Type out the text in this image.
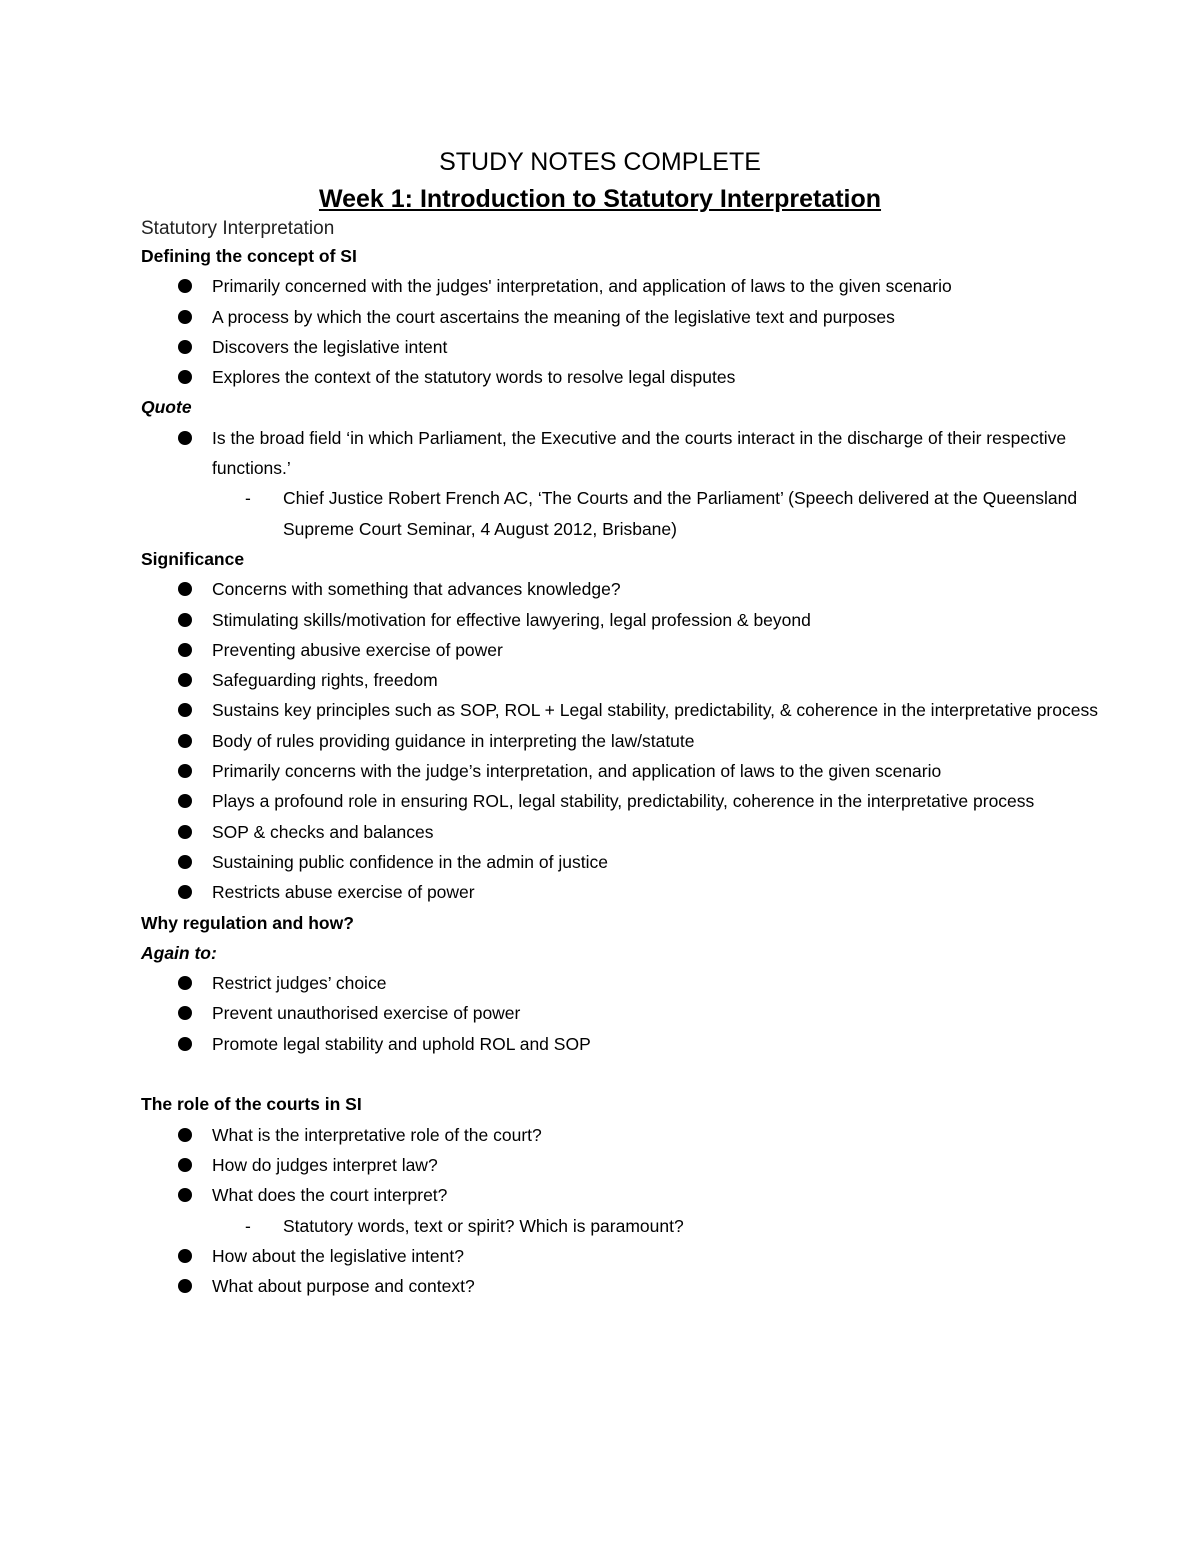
STUDY NOTES COMPLETE
Week 1: Introduction to Statutory Interpretation
Statutory Interpretation
Defining the concept of SI
Primarily concerned with the judges' interpretation, and application of laws to the given scenario
A process by which the court ascertains the meaning of the legislative text and purposes
Discovers the legislative intent
Explores the context of the statutory words to resolve legal disputes
Quote
Is the broad field ‘in which Parliament, the Executive and the courts interact in the discharge of their respective functions.’
- Chief Justice Robert French AC, ‘The Courts and the Parliament’ (Speech delivered at the Queensland Supreme Court Seminar, 4 August 2012, Brisbane)
Significance
Concerns with something that advances knowledge?
Stimulating skills/motivation for effective lawyering, legal profession & beyond
Preventing abusive exercise of power
Safeguarding rights, freedom
Sustains key principles such as SOP, ROL + Legal stability, predictability, & coherence in the interpretative process
Body of rules providing guidance in interpreting the law/statute
Primarily concerns with the judge’s interpretation, and application of laws to the given scenario
Plays a profound role in ensuring ROL, legal stability, predictability, coherence in the interpretative process
SOP & checks and balances
Sustaining public confidence in the admin of justice
Restricts abuse exercise of power
Why regulation and how?
Again to:
Restrict judges’ choice
Prevent unauthorised exercise of power
Promote legal stability and uphold ROL and SOP
The role of the courts in SI
What is the interpretative role of the court?
How do judges interpret law?
What does the court interpret?
- Statutory words, text or spirit? Which is paramount?
How about the legislative intent?
What about purpose and context?
